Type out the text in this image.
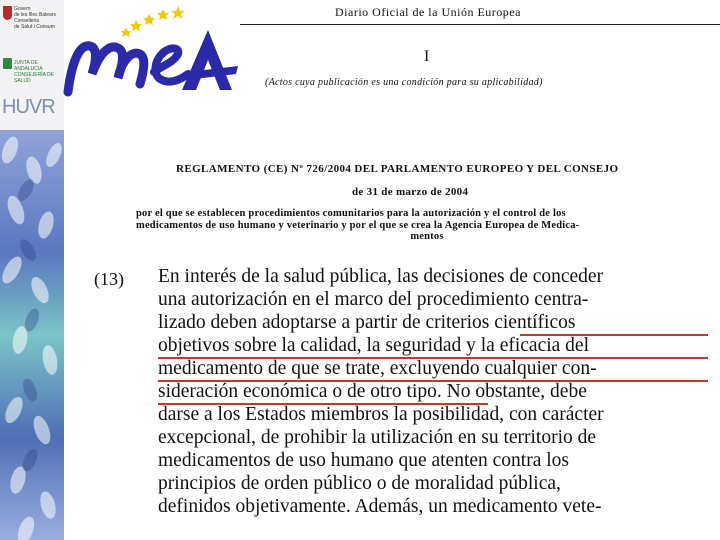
Govern
de les Illes Balears
Conselleria
de Salut i Consum
JUNTA DE ANDALUCIA
CONSEJERÍA DE SALUD
HUVR
Diario Oficial de la Unión Europea
I
(Actos cuya publicación es una condición para su aplicabilidad)
REGLAMENTO (CE) Nº 726/2004 DEL PARLAMENTO EUROPEO Y DEL CONSEJO
de 31 de marzo de 2004
por el que se establecen procedimientos comunitarios para la autorización y el control de los
medicamentos de uso humano y veterinario y por el que se crea la Agencia Europea de Medica-
mentos
(13) En interés de la salud pública, las decisiones de conceder
una autorización en el marco del procedimiento centra-
lizado deben adoptarse a partir de criterios científicos
objetivos sobre la calidad, la seguridad y la eficacia del
medicamento de que se trate, excluyendo cualquier con-
sideración económica o de otro tipo. No obstante, debe
darse a los Estados miembros la posibilidad, con carácter
excepcional, de prohibir la utilización en su territorio de
medicamentos de uso humano que atenten contra los
principios de orden público o de moralidad pública,
definidos objetivamente. Además, un medicamento vete-
